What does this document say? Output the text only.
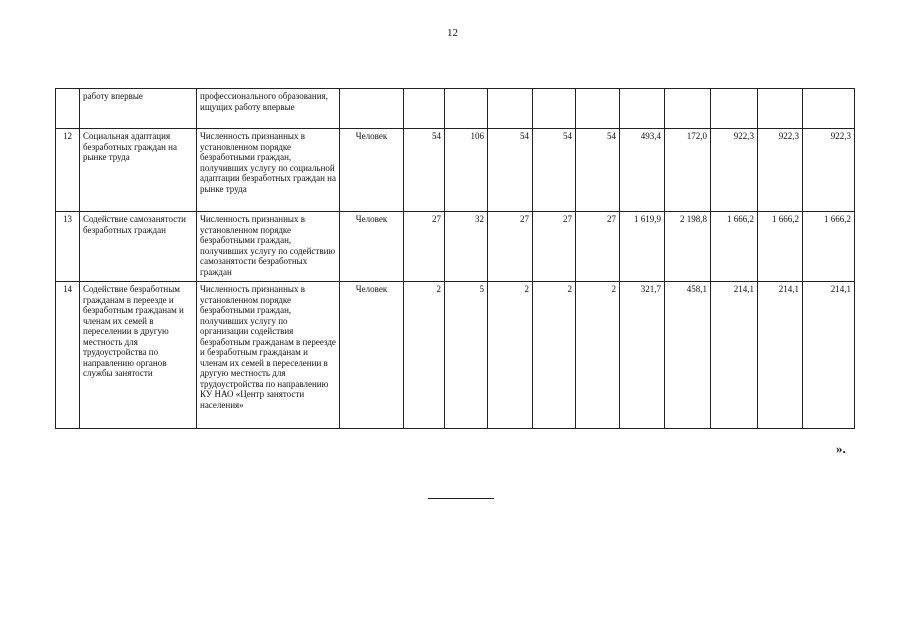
12
	работу впервые	профессионального образования, ищущих работу впервые											
12	Социальная адаптация безработных граждан на рынке труда	Численность признанных в установленном порядке безработными граждан, получивших услугу по социальной адаптации безработных граждан на рынке труда	Человек	54	106	54	54	54	493,4	172,0	922,3	922,3	922,3
13	Содействие самозанятости безработных граждан	Численность признанных в установленном порядке безработными граждан, получивших услугу по содействию самозанятости безработных граждан	Человек	27	32	27	27	27	1 619,9	2 198,8	1 666,2	1 666,2	1 666,2
14	Содействие безработным гражданам в переезде и безработным гражданам и членам их семей в переселении в другую местность для трудоустройства по направлению органов службы занятости	Численность признанных в установленном порядке безработными граждан, получивших услугу по организации содействия безработным гражданам в переезде и безработным гражданам и членам их семей в переселении в другую местность для трудоустройства по направлению КУ НАО «Центр занятости населения»	Человек	2	5	2	2	2	321,7	458,1	214,1	214,1	214,1
».
